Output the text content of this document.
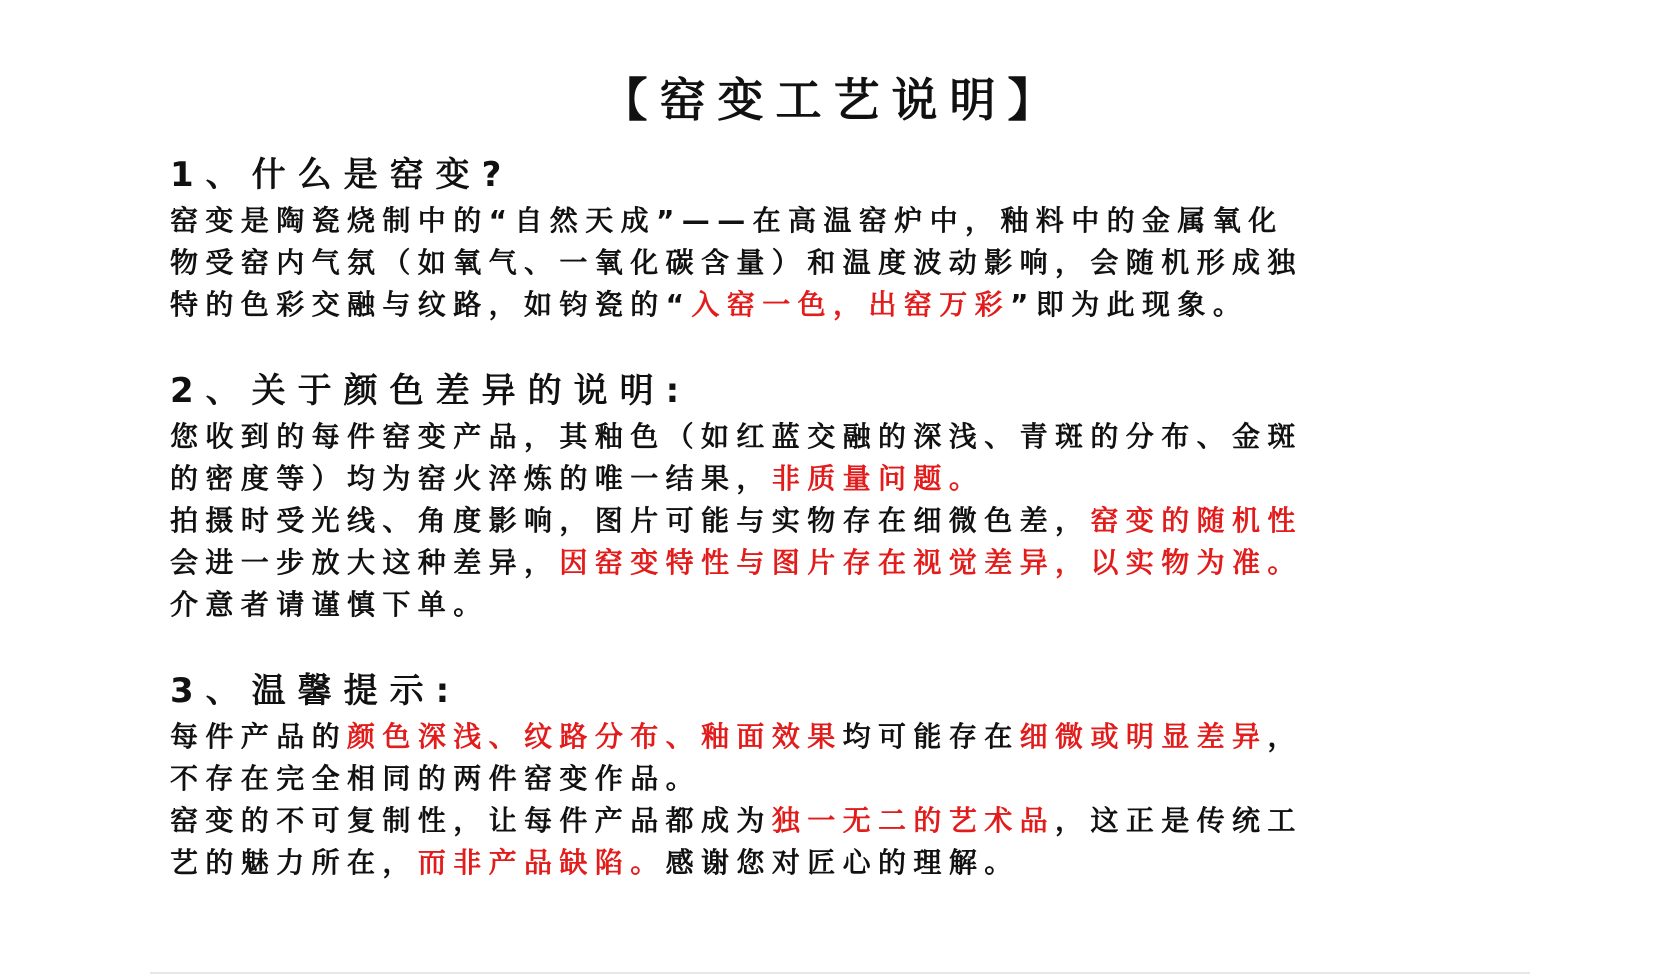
【窑变工艺说明】
1、什么是窑变?
窑变是陶瓷烧制中的“自然天成”——在高温窑炉中，釉料中的金属氧化
物受窑内气氛（如氧气、一氧化碳含量）和温度波动影响，会随机形成独
特的色彩交融与纹路，如钧瓷的“入窑一色，出窑万彩”即为此现象。
2、关于颜色差异的说明:
您收到的每件窑变产品，其釉色（如红蓝交融的深浅、青斑的分布、金斑
的密度等）均为窑火淬炼的唯一结果，非质量问题。
拍摄时受光线、角度影响，图片可能与实物存在细微色差，窑变的随机性
会进一步放大这种差异，因窑变特性与图片存在视觉差异，以实物为准。
介意者请谨慎下单。
3、温馨提示:
每件产品的颜色深浅、纹路分布、釉面效果均可能存在细微或明显差异，
不存在完全相同的两件窑变作品。
窑变的不可复制性，让每件产品都成为独一无二的艺术品，这正是传统工
艺的魅力所在，而非产品缺陷。感谢您对匠心的理解。
